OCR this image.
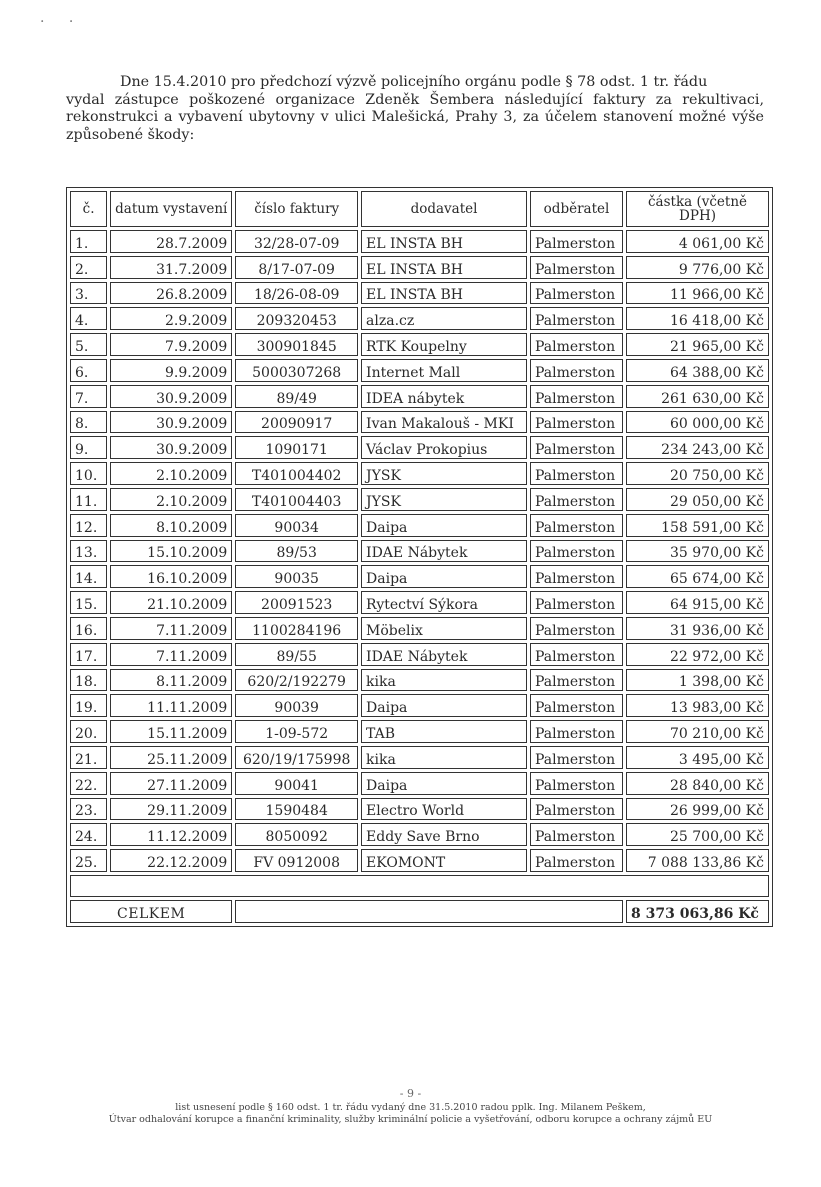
· ·
Dne 15.4.2010 pro předchozí výzvě policejního orgánu podle § 78 odst. 1 tr. řádu
vydal zástupce poškozené organizace Zdeněk Šembera následující faktury za rekultivaci, rekonstrukci a vybavení ubytovny v ulici Malešická, Prahy 3, za účelem stanovení možné výše způsobené škody:
č.	datum vystavení	číslo faktury	dodavatel	odběratel	částka (včetně DPH)
1.	28.7.2009	32/28-07-09	EL INSTA BH	Palmerston	4 061,00 Kč
2.	31.7.2009	8/17-07-09	EL INSTA BH	Palmerston	9 776,00 Kč
3.	26.8.2009	18/26-08-09	EL INSTA BH	Palmerston	11 966,00 Kč
4.	2.9.2009	209320453	alza.cz	Palmerston	16 418,00 Kč
5.	7.9.2009	300901845	RTK Koupelny	Palmerston	21 965,00 Kč
6.	9.9.2009	5000307268	Internet Mall	Palmerston	64 388,00 Kč
7.	30.9.2009	89/49	IDEA nábytek	Palmerston	261 630,00 Kč
8.	30.9.2009	20090917	Ivan Makalouš - MKI	Palmerston	60 000,00 Kč
9.	30.9.2009	1090171	Václav Prokopius	Palmerston	234 243,00 Kč
10.	2.10.2009	T401004402	JYSK	Palmerston	20 750,00 Kč
11.	2.10.2009	T401004403	JYSK	Palmerston	29 050,00 Kč
12.	8.10.2009	90034	Daipa	Palmerston	158 591,00 Kč
13.	15.10.2009	89/53	IDAE Nábytek	Palmerston	35 970,00 Kč
14.	16.10.2009	90035	Daipa	Palmerston	65 674,00 Kč
15.	21.10.2009	20091523	Rytectví Sýkora	Palmerston	64 915,00 Kč
16.	7.11.2009	1100284196	Möbelix	Palmerston	31 936,00 Kč
17.	7.11.2009	89/55	IDAE Nábytek	Palmerston	22 972,00 Kč
18.	8.11.2009	620/2/192279	kika	Palmerston	1 398,00 Kč
19.	11.11.2009	90039	Daipa	Palmerston	13 983,00 Kč
20.	15.11.2009	1-09-572	TAB	Palmerston	70 210,00 Kč
21.	25.11.2009	620/19/175998	kika	Palmerston	3 495,00 Kč
22.	27.11.2009	90041	Daipa	Palmerston	28 840,00 Kč
23.	29.11.2009	1590484	Electro World	Palmerston	26 999,00 Kč
24.	11.12.2009	8050092	Eddy Save Brno	Palmerston	25 700,00 Kč
25.	22.12.2009	FV 0912008	EKOMONT	Palmerston	7 088 133,86 Kč

CELKEM					8 373 063,86 Kč
- 9 -
list usnesení podle § 160 odst. 1 tr. řádu vydaný dne 31.5.2010 radou pplk. Ing. Milanem Peškem,
Útvar odhalování korupce a finanční kriminality, služby kriminální policie a vyšetřování, odboru korupce a ochrany zájmů EU
